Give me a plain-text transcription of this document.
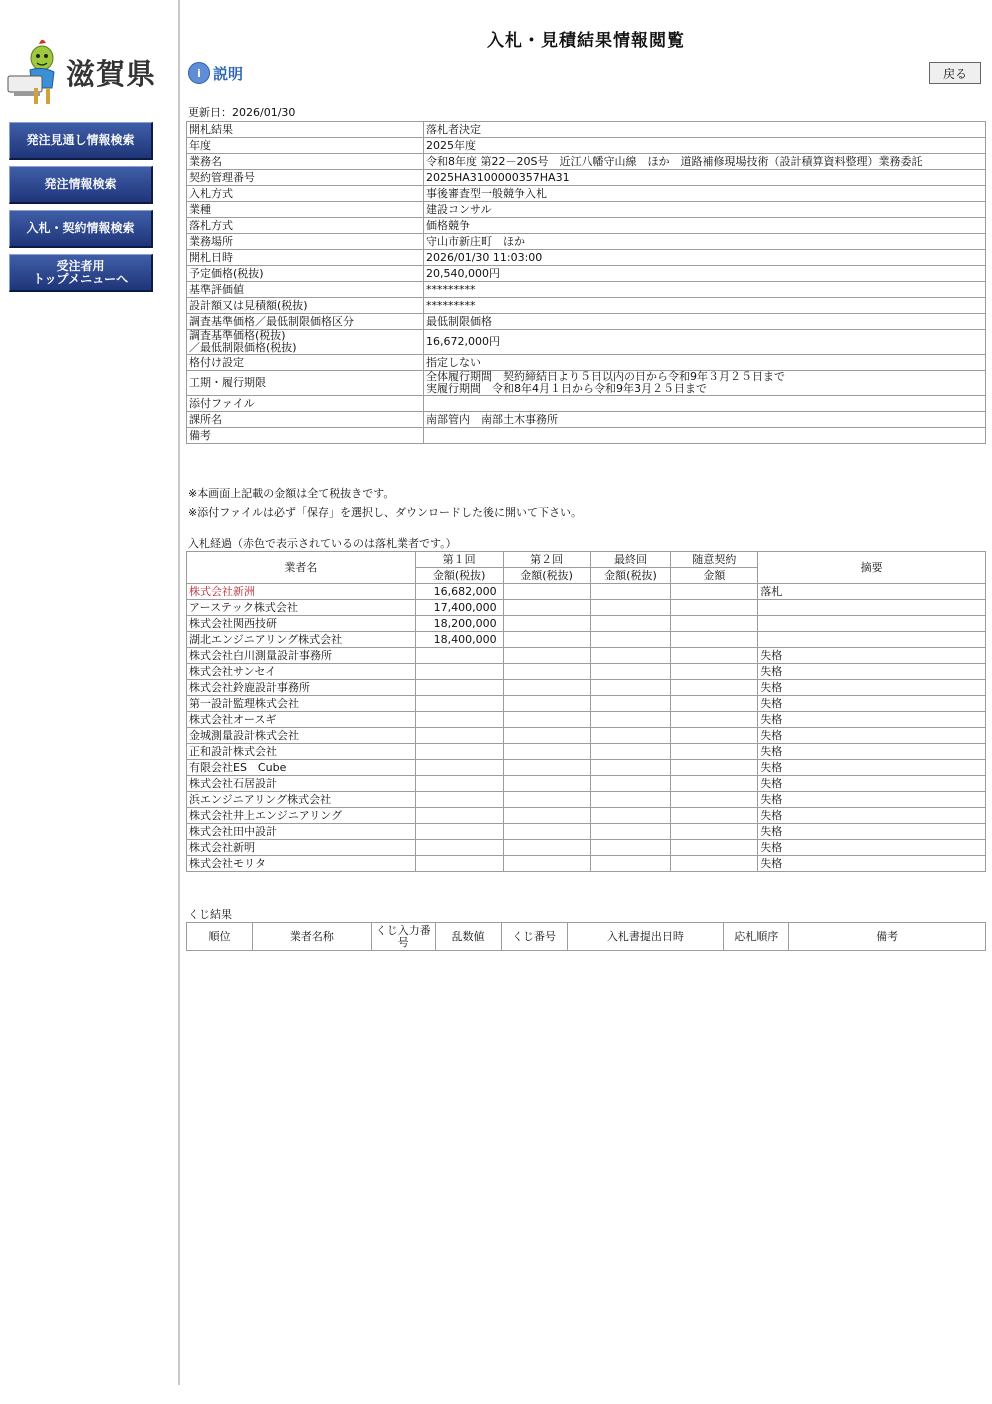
滋賀県
発注見通し情報検索
発注情報検索
入札・契約情報検索
受注者用
トップメニューへ
入札・見積結果情報閲覧
i 説明	戻る
更新日：2026/01/30
開札結果	落札者決定
年度	2025年度
業務名	令和8年度 第22－20S号　近江八幡守山線　ほか　道路補修現場技術（設計積算資料整理）業務委託
契約管理番号	2025HA3100000357HA31
入札方式	事後審査型一般競争入札
業種	建設コンサル
落札方式	価格競争
業務場所	守山市新庄町　ほか
開札日時	2026/01/30 11:03:00
予定価格(税抜)	20,540,000円
基準評価値	*********
設計額又は見積額(税抜)	*********
調査基準価格／最低制限価格区分	最低制限価格
調査基準価格(税抜)
／最低制限価格(税抜)	16,672,000円
格付け設定	指定しない
工期・履行期限	全体履行期間　契約締結日より５日以内の日から令和9年３月２５日まで
実履行期間　令和8年4月１日から令和9年3月２５日まで
添付ファイル	
課所名	南部管内　南部土木事務所
備考	
※本画面上記載の金額は全て税抜きです。
※添付ファイルは必ず「保存」を選択し、ダウンロードした後に開いて下さい。
入札経過（赤色で表示されているのは落札業者です。）
業者名	第１回	第２回	最終回	随意契約	摘要
	金額(税抜)	金額(税抜)	金額(税抜)	金額	
株式会社新洲	16,682,000				落札
アーステック株式会社	17,400,000				
株式会社関西技研	18,200,000				
湖北エンジニアリング株式会社	18,400,000				
株式会社白川測量設計事務所					失格
株式会社サンセイ					失格
株式会社鈴鹿設計事務所					失格
第一設計監理株式会社					失格
株式会社オースギ					失格
金城測量設計株式会社					失格
正和設計株式会社					失格
有限会社ES　Cube					失格
株式会社石居設計					失格
浜エンジニアリング株式会社					失格
株式会社井上エンジニアリング					失格
株式会社田中設計					失格
株式会社新明					失格
株式会社モリタ					失格
くじ結果
順位	業者名称	くじ入力番号	乱数値	くじ番号	入札書提出日時	応札順序	備考
